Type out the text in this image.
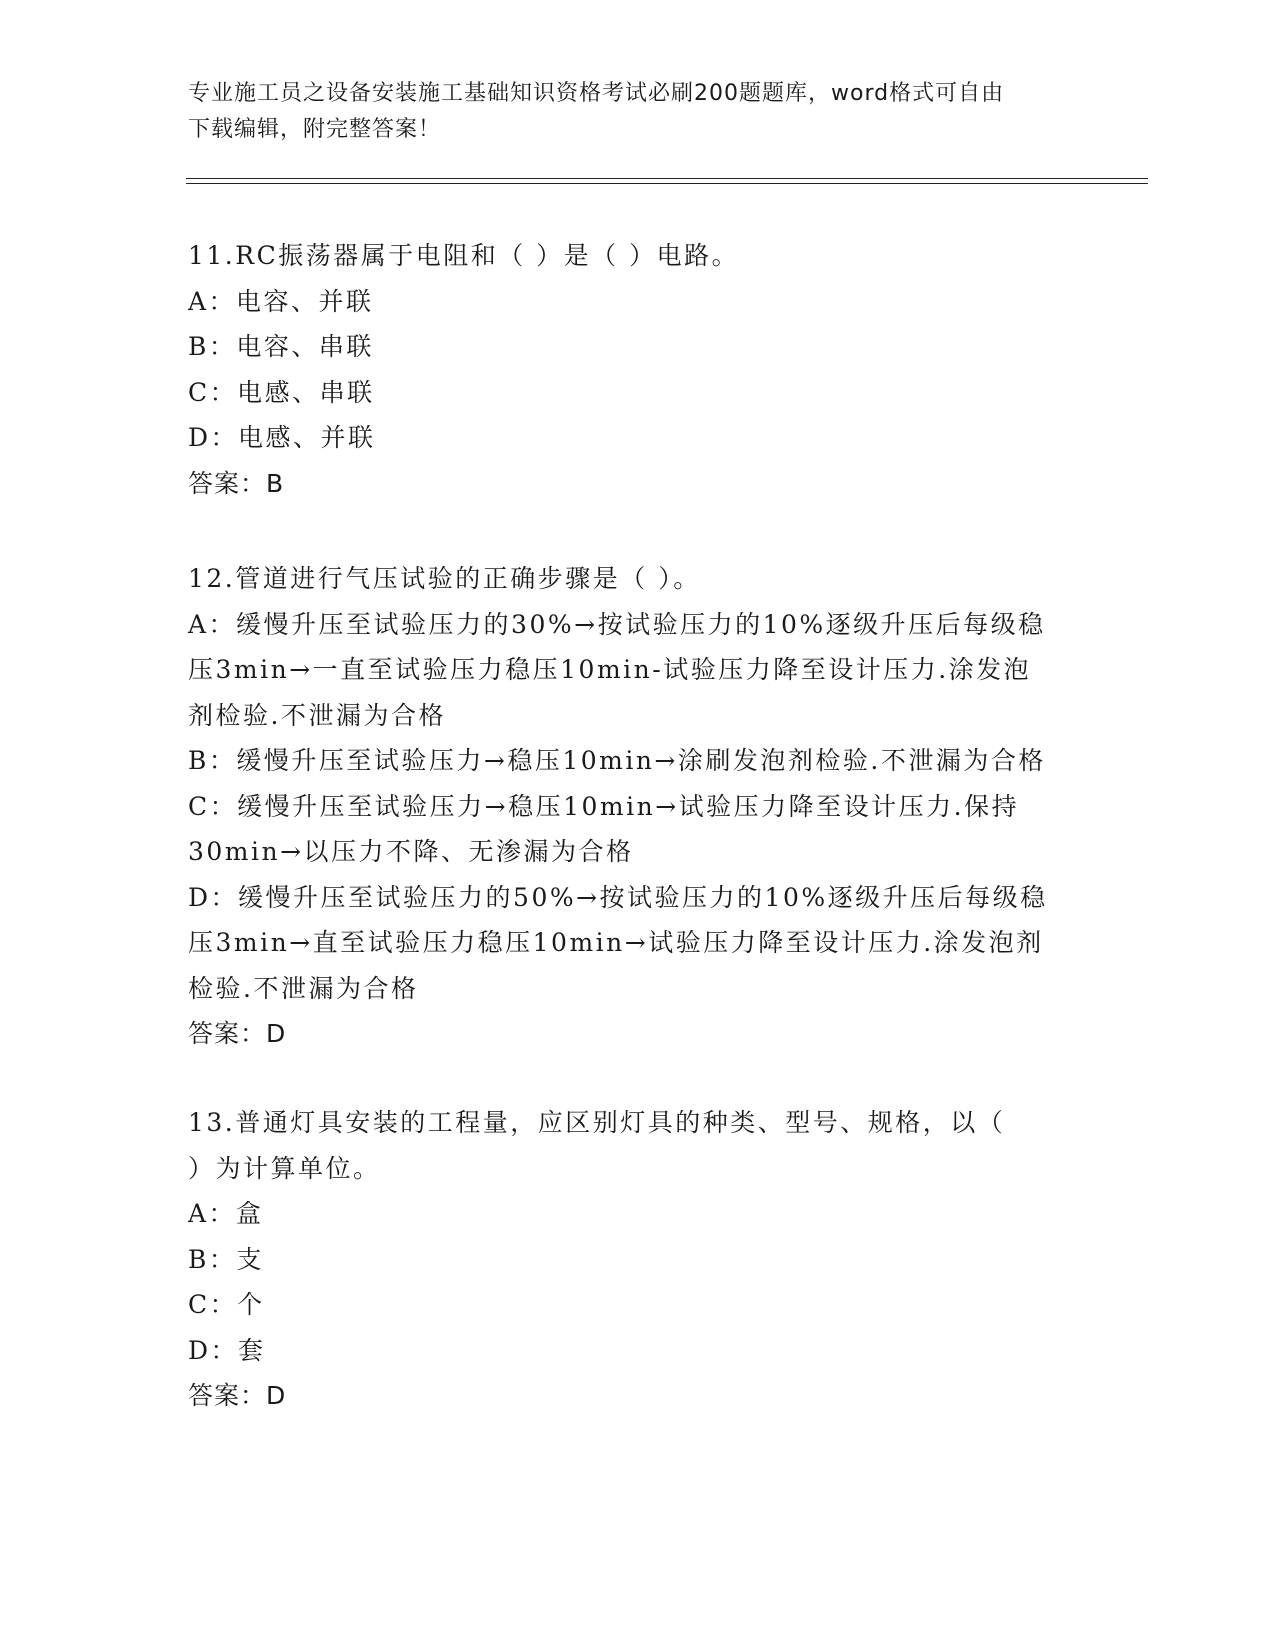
专业施工员之设备安装施工基础知识资格考试必刷200题题库，word格式可自由
下载编辑，附完整答案！
11.RC振荡器属于电阻和（ ）是（ ）电路。
A：电容、并联
B：电容、串联
C：电感、串联
D：电感、并联
答案：B
12.管道进行气压试验的正确步骤是（ ）。
A：缓慢升压至试验压力的30%→按试验压力的10%逐级升压后每级稳
压3min→一直至试验压力稳压10min-试验压力降至设计压力.涂发泡
剂检验.不泄漏为合格
B：缓慢升压至试验压力→稳压10min→涂刷发泡剂检验.不泄漏为合格
C：缓慢升压至试验压力→稳压10min→试验压力降至设计压力.保持
30min→以压力不降、无渗漏为合格
D：缓慢升压至试验压力的50%→按试验压力的10%逐级升压后每级稳
压3min→直至试验压力稳压10min→试验压力降至设计压力.涂发泡剂
检验.不泄漏为合格
答案：D
13.普通灯具安装的工程量，应区别灯具的种类、型号、规格，以（
）为计算单位。
A：盒
B：支
C：个
D：套
答案：D
